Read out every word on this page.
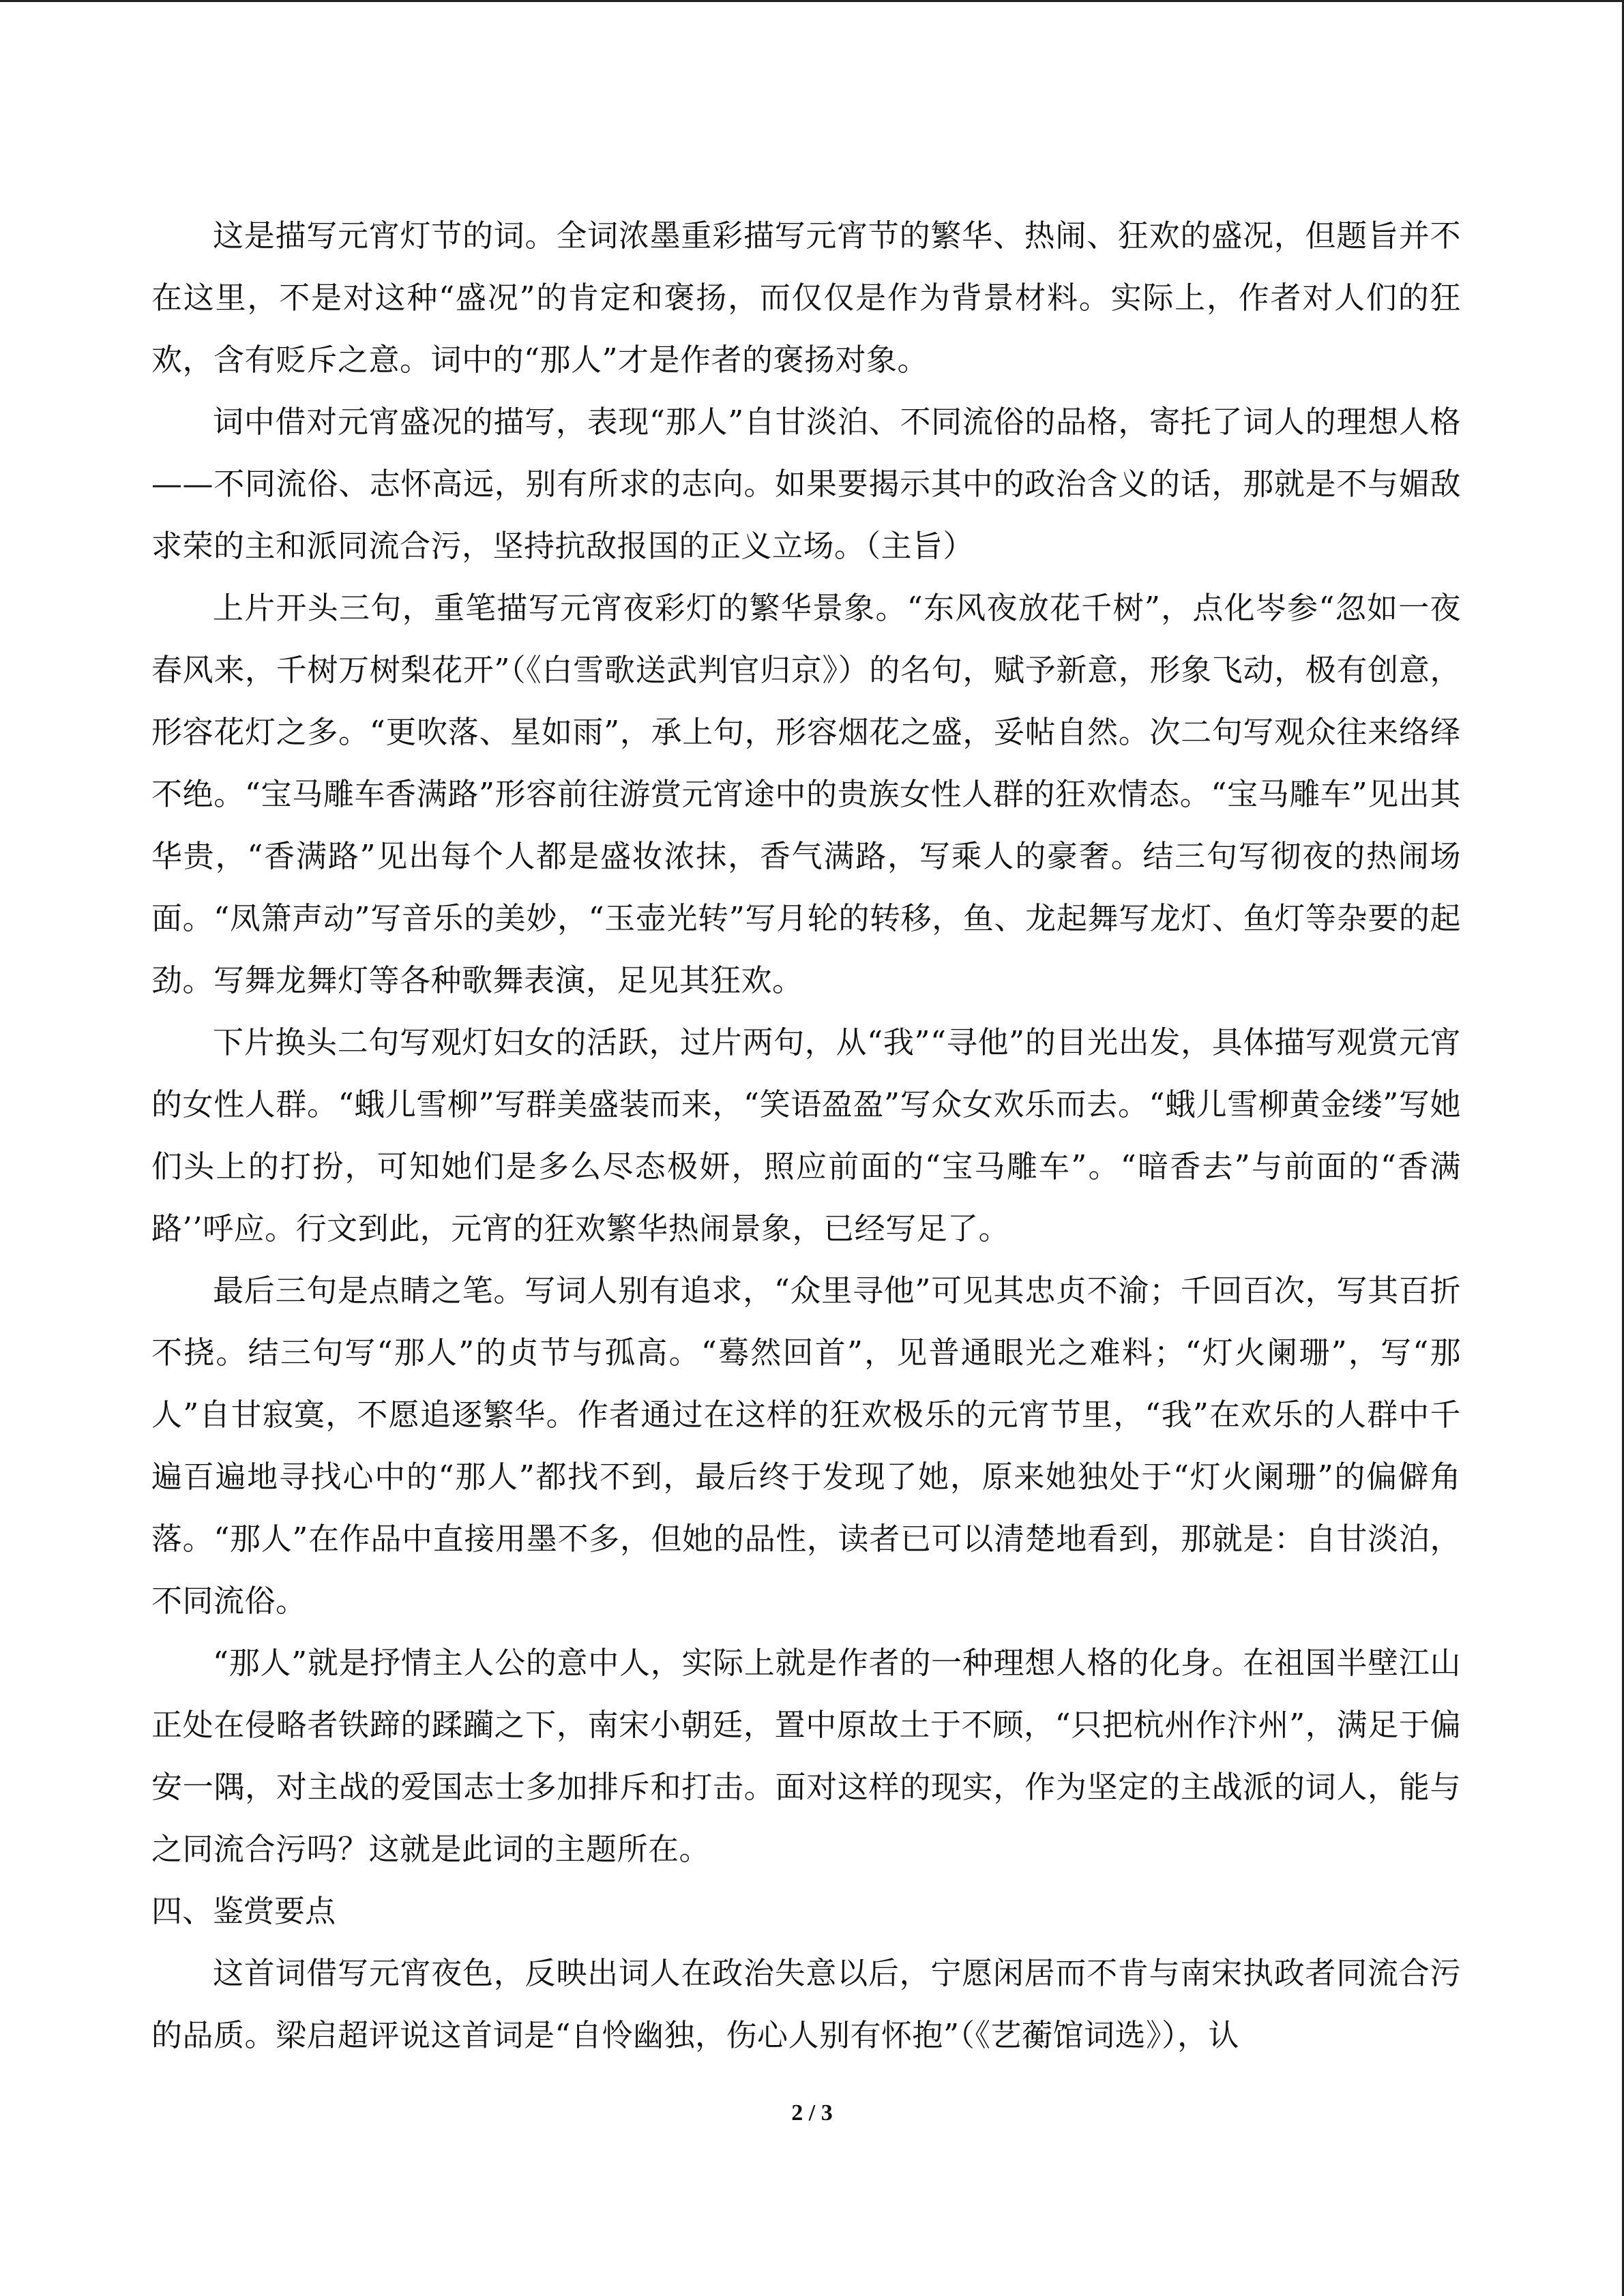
这是描写元宵灯节的词。全词浓墨重彩描写元宵节的繁华、热闹、狂欢的盛况，但题旨并不在这里，不是对这种“盛况”的肯定和褒扬，而仅仅是作为背景材料。实际上，作者对人们的狂欢，含有贬斥之意。词中的“那人”才是作者的褒扬对象。

词中借对元宵盛况的描写，表现“那人”自甘淡泊、不同流俗的品格，寄托了词人的理想人格——不同流俗、志怀高远，别有所求的志向。如果要揭示其中的政治含义的话，那就是不与媚敌求荣的主和派同流合污，坚持抗敌报国的正义立场。（主旨）

上片开头三句，重笔描写元宵夜彩灯的繁华景象。“东风夜放花千树”，点化岑参“忽如一夜春风来，千树万树梨花开”（《白雪歌送武判官归京》）的名句，赋予新意，形象飞动，极有创意，形容花灯之多。“更吹落、星如雨”，承上句，形容烟花之盛，妥帖自然。次二句写观众往来络绎不绝。“宝马雕车香满路”形容前往游赏元宵途中的贵族女性人群的狂欢情态。“宝马雕车”见出其华贵，“香满路”见出每个人都是盛妆浓抹，香气满路，写乘人的豪奢。结三句写彻夜的热闹场面。“凤箫声动”写音乐的美妙，“玉壶光转”写月轮的转移，鱼、龙起舞写龙灯、鱼灯等杂要的起劲。写舞龙舞灯等各种歌舞表演，足见其狂欢。

下片换头二句写观灯妇女的活跃，过片两句，从“我”“寻他”的目光出发，具体描写观赏元宵的女性人群。“蛾儿雪柳”写群美盛装而来，“笑语盈盈”写众女欢乐而去。“蛾儿雪柳黄金缕”写她们头上的打扮，可知她们是多么尽态极妍，照应前面的“宝马雕车”。“暗香去”与前面的“香满路’’呼应。行文到此，元宵的狂欢繁华热闹景象，已经写足了。

最后三句是点睛之笔。写词人别有追求，“众里寻他”可见其忠贞不渝；千回百次，写其百折不挠。结三句写“那人”的贞节与孤高。“蓦然回首”，见普通眼光之难料；“灯火阑珊”，写“那人”自甘寂寞，不愿追逐繁华。作者通过在这样的狂欢极乐的元宵节里，“我”在欢乐的人群中千遍百遍地寻找心中的“那人”都找不到，最后终于发现了她，原来她独处于“灯火阑珊”的偏僻角落。“那人”在作品中直接用墨不多，但她的品性，读者已可以清楚地看到，那就是：自甘淡泊，不同流俗。

“那人”就是抒情主人公的意中人，实际上就是作者的一种理想人格的化身。在祖国半壁江山正处在侵略者铁蹄的蹂躏之下，南宋小朝廷，置中原故土于不顾，“只把杭州作汴州”，满足于偏安一隅，对主战的爱国志士多加排斥和打击。面对这样的现实，作为坚定的主战派的词人，能与之同流合污吗？这就是此词的主题所在。

四、鉴赏要点

这首词借写元宵夜色，反映出词人在政治失意以后，宁愿闲居而不肯与南宋执政者同流合污的品质。梁启超评说这首词是“自怜幽独，伤心人别有怀抱”（《艺蘅馆词选》），认

2 / 3
